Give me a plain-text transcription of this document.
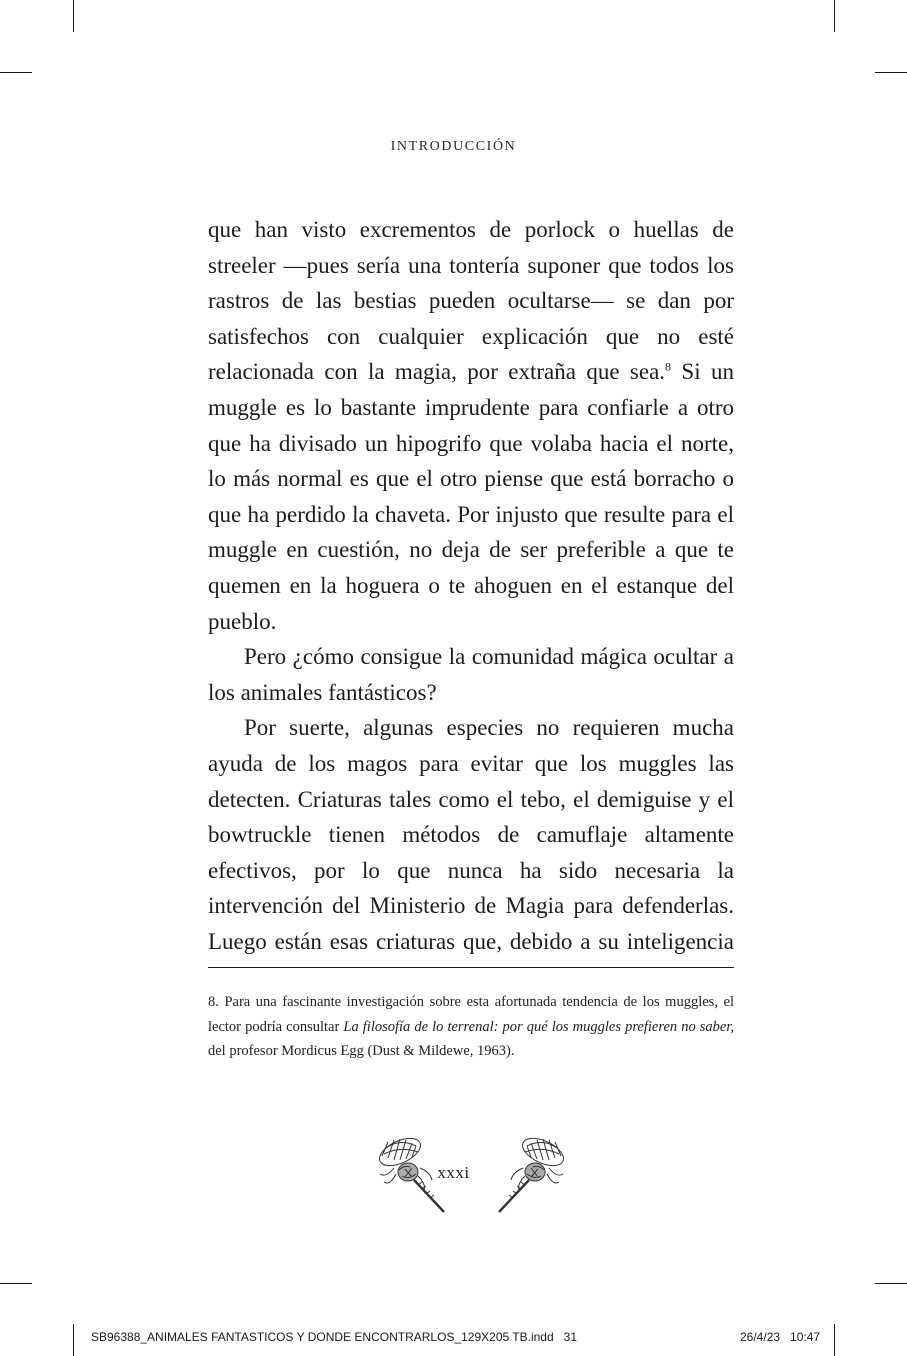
INTRODUCCIÓN

que han visto excrementos de porlock o huellas de streeler —pues sería una tontería suponer que todos los rastros de las bestias pueden ocultarse— se dan por satisfechos con cualquier explicación que no esté relacionada con la magia, por extraña que sea.$^8$ Si un muggle es lo bastante imprudente para confiarle a otro que ha divisado un hipogrifo que volaba hacia el norte, lo más normal es que el otro piense que está borracho o que ha perdido la chaveta. Por injusto que resulte para el muggle en cuestión, no deja de ser preferible a que te quemen en la hoguera o te ahoguen en el estanque del pueblo.

Pero ¿cómo consigue la comunidad mágica ocultar a los animales fantásticos?

Por suerte, algunas especies no requieren mucha ayuda de los magos para evitar que los muggles las detecten. Criaturas tales como el tebo, el demiguise y el bowtruckle tienen métodos de camuflaje altamente efectivos, por lo que nunca ha sido necesaria la intervención del Ministerio de Magia para defenderlas. Luego están esas criaturas que, debido a su inteligencia

8. Para una fascinante investigación sobre esta afortunada tendencia de los muggles, el lector podría consultar La filosofía de lo terrenal: por qué los muggles prefieren no saber, del profesor Mordicus Egg (Dust & Mildewe, 1963).
xxxi
SB96388_ANIMALES FANTASTICOS Y DONDE ENCONTRARLOS_129X205 TB.indd   31	26/4/23   10:47
